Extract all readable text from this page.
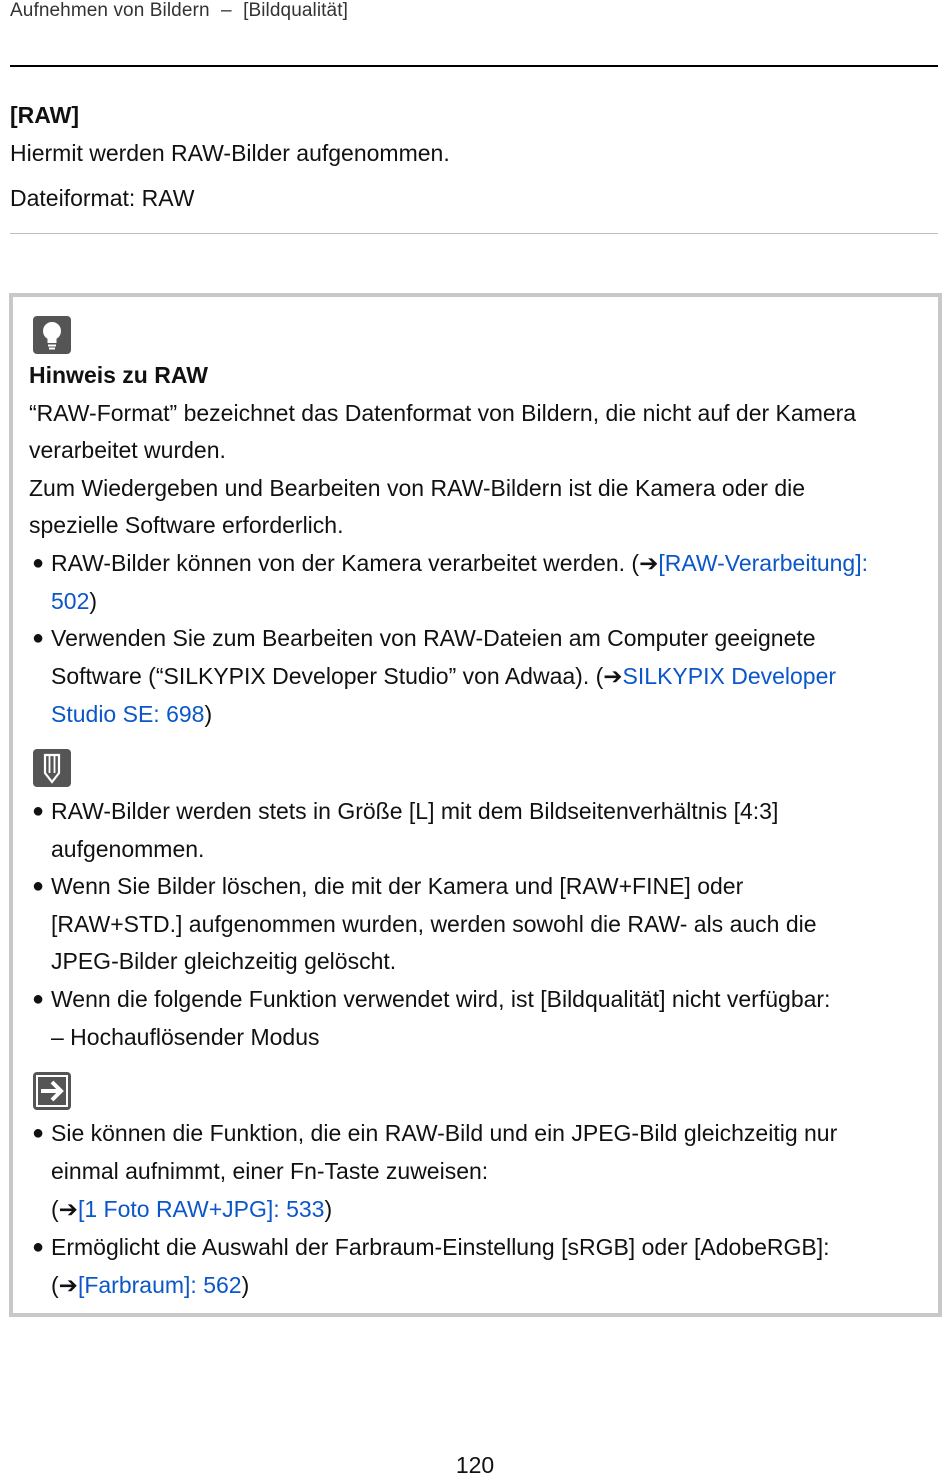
Aufnehmen von Bildern – [Bildqualität]
[RAW]
Hiermit werden RAW-Bilder aufgenommen.
Dateiformat: RAW
Hinweis zu RAW
“RAW-Format” bezeichnet das Datenformat von Bildern, die nicht auf der Kamera
verarbeitet wurden.
Zum Wiedergeben und Bearbeiten von RAW-Bildern ist die Kamera oder die
spezielle Software erforderlich.
● RAW-Bilder können von der Kamera verarbeitet werden. (➔[RAW-Verarbeitung]:
502)
● Verwenden Sie zum Bearbeiten von RAW-Dateien am Computer geeignete
Software (“SILKYPIX Developer Studio” von Adwaa). (➔SILKYPIX Developer
Studio SE: 698)
● RAW-Bilder werden stets in Größe [L] mit dem Bildseitenverhältnis [4:3]
aufgenommen.
● Wenn Sie Bilder löschen, die mit der Kamera und [RAW+FINE] oder
[RAW+STD.] aufgenommen wurden, werden sowohl die RAW- als auch die
JPEG-Bilder gleichzeitig gelöscht.
● Wenn die folgende Funktion verwendet wird, ist [Bildqualität] nicht verfügbar:
– Hochauflösender Modus
● Sie können die Funktion, die ein RAW-Bild und ein JPEG-Bild gleichzeitig nur
einmal aufnimmt, einer Fn-Taste zuweisen:
(➔[1 Foto RAW+JPG]: 533)
● Ermöglicht die Auswahl der Farbraum-Einstellung [sRGB] oder [AdobeRGB]:
(➔[Farbraum]: 562)
120
